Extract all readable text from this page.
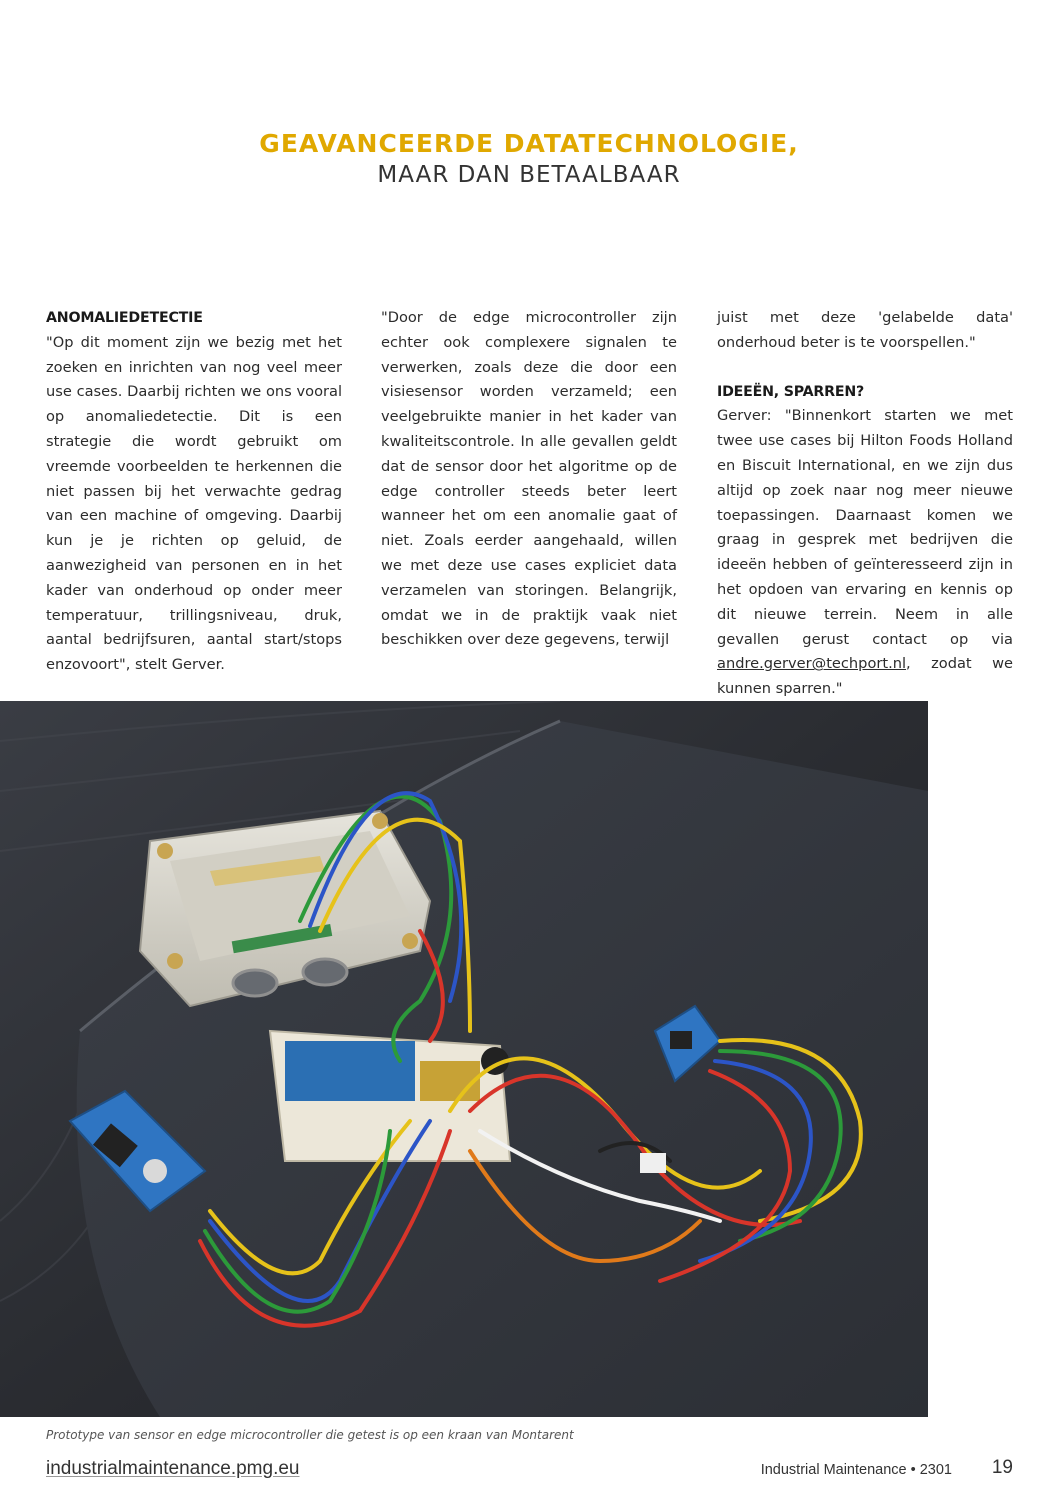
GEAVANCEERDE DATATECHNOLOGIE,
MAAR DAN BETAALBAAR
ANOMALIEDETECTIE

"Op dit moment zijn we bezig met het zoeken en inrichten van nog veel meer use cases. Daarbij richten we ons vooral op anomaliedetectie. Dit is een strategie die wordt gebruikt om vreemde voorbeelden te herkennen die niet passen bij het verwachte gedrag van een machine of omgeving. Daarbij kun je je richten op geluid, de aanwezigheid van personen en in het kader van onderhoud op onder meer temperatuur, trillingsniveau, druk, aantal bedrijfsuren, aantal start/stops enzovoort", stelt Gerver.

"Door de edge microcontroller zijn echter ook complexere signalen te verwerken, zoals deze die door een visiesensor worden verzameld; een veelgebruikte manier in het kader van kwaliteitscontrole. In alle gevallen geldt dat de sensor door het algoritme op de edge controller steeds beter leert wanneer het om een anomalie gaat of niet. Zoals eerder aangehaald, willen we met deze use cases expliciet data verzamelen van storingen. Belangrijk, omdat we in de praktijk vaak niet beschikken over deze gegevens, terwijl

juist met deze 'gelabelde data' onderhoud beter is te voorspellen."

IDEEËN, SPARREN?

Gerver: "Binnenkort starten we met twee use cases bij Hilton Foods Holland en Biscuit International, en we zijn dus altijd op zoek naar nog meer nieuwe toepassingen. Daarnaast komen we graag in gesprek met bedrijven die ideeën hebben of geïnteresseerd zijn in het opdoen van ervaring en kennis op dit nieuwe terrein. Neem in alle gevallen gerust contact op via andre.gerver@techport.nl, zodat we kunnen sparren."

Prototype van sensor en edge microcontroller die getest is op een kraan van Montarent
industrialmaintenance.pmg.eu	Industrial Maintenance • 2301 19
